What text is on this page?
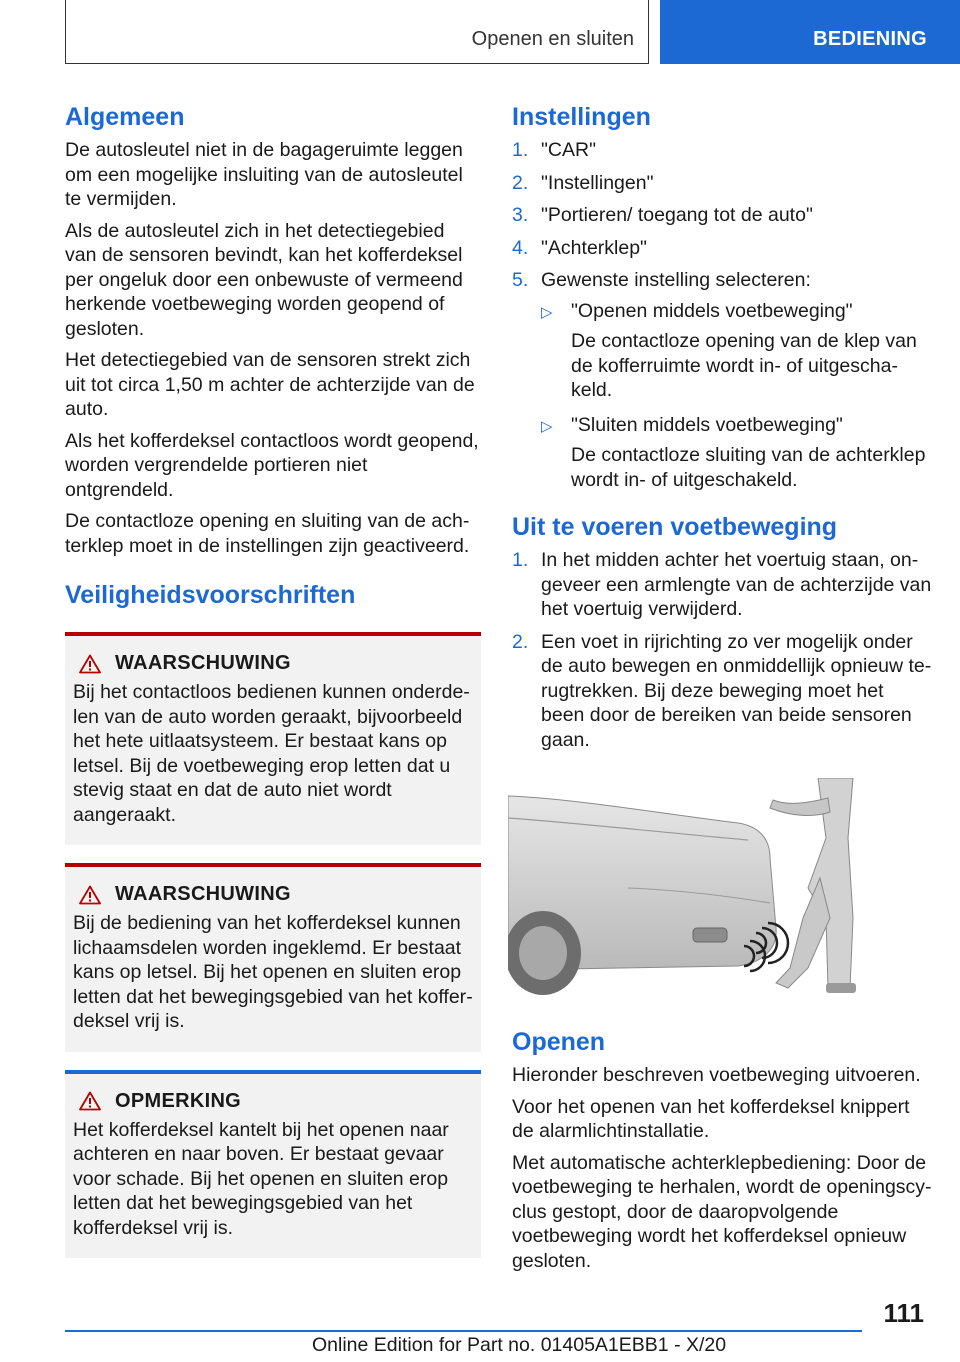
Openen en sluiten	BEDIENING
Algemeen

De autosleutel niet in de bagageruimte leggen om een mogelijke insluiting van de autosleutel te vermijden.

Als de autosleutel zich in het detectiegebied van de sensoren bevindt, kan het kofferdeksel per ongeluk door een onbewuste of vermeend herkende voetbeweging worden geopend of gesloten.

Het detectiegebied van de sensoren strekt zich uit tot circa 1,50 m achter de achterzijde van de auto.

Als het kofferdeksel contactloos wordt geopend, worden vergrendelde portieren niet ontgrendeld.

De contactloze opening en sluiting van de achterklep moet in de instellingen zijn geactiveerd.

Veiligheidsvoorschriften
WAARSCHUWING
Bij het contactloos bedienen kunnen onderdelen van de auto worden geraakt, bijvoorbeeld het hete uitlaatsysteem. Er bestaat kans op letsel. Bij de voetbeweging erop letten dat u stevig staat en dat de auto niet wordt aangeraakt.
WAARSCHUWING
Bij de bediening van het kofferdeksel kunnen lichaamsdelen worden ingeklemd. Er bestaat kans op letsel. Bij het openen en sluiten erop letten dat het bewegingsgebied van het kofferdeksel vrij is.
OPMERKING
Het kofferdeksel kantelt bij het openen naar achteren en naar boven. Er bestaat gevaar voor schade. Bij het openen en sluiten erop letten dat het bewegingsgebied van het kofferdeksel vrij is.
Instellingen
1. "CAR"
2. "Instellingen"
3. "Portieren/ toegang tot de auto"
4. "Achterklep"
5. Gewenste instelling selecteren:
▷ "Openen middels voetbeweging"
De contactloze opening van de klep van de kofferruimte wordt in- of uitgeschakeld.
▷ "Sluiten middels voetbeweging"
De contactloze sluiting van de achterklep wordt in- of uitgeschakeld.
Uit te voeren voetbeweging
1. In het midden achter het voertuig staan, ongeveer een armlengte van de achterzijde van het voertuig verwijderd.
2. Een voet in rijrichting zo ver mogelijk onder de auto bewegen en onmiddellijk opnieuw terugtrekken. Bij deze beweging moet het been door de bereiken van beide sensoren gaan.
Openen

Hieronder beschreven voetbeweging uitvoeren.

Voor het openen van het kofferdeksel knippert de alarmlichtinstallatie.

Met automatische achterklepbediening: Door de voetbeweging te herhalen, wordt de openingscyclus gestopt, door de daaropvolgende voetbeweging wordt het kofferdeksel opnieuw gesloten.

111
Online Edition for Part no. 01405A1EBB1 - X/20
